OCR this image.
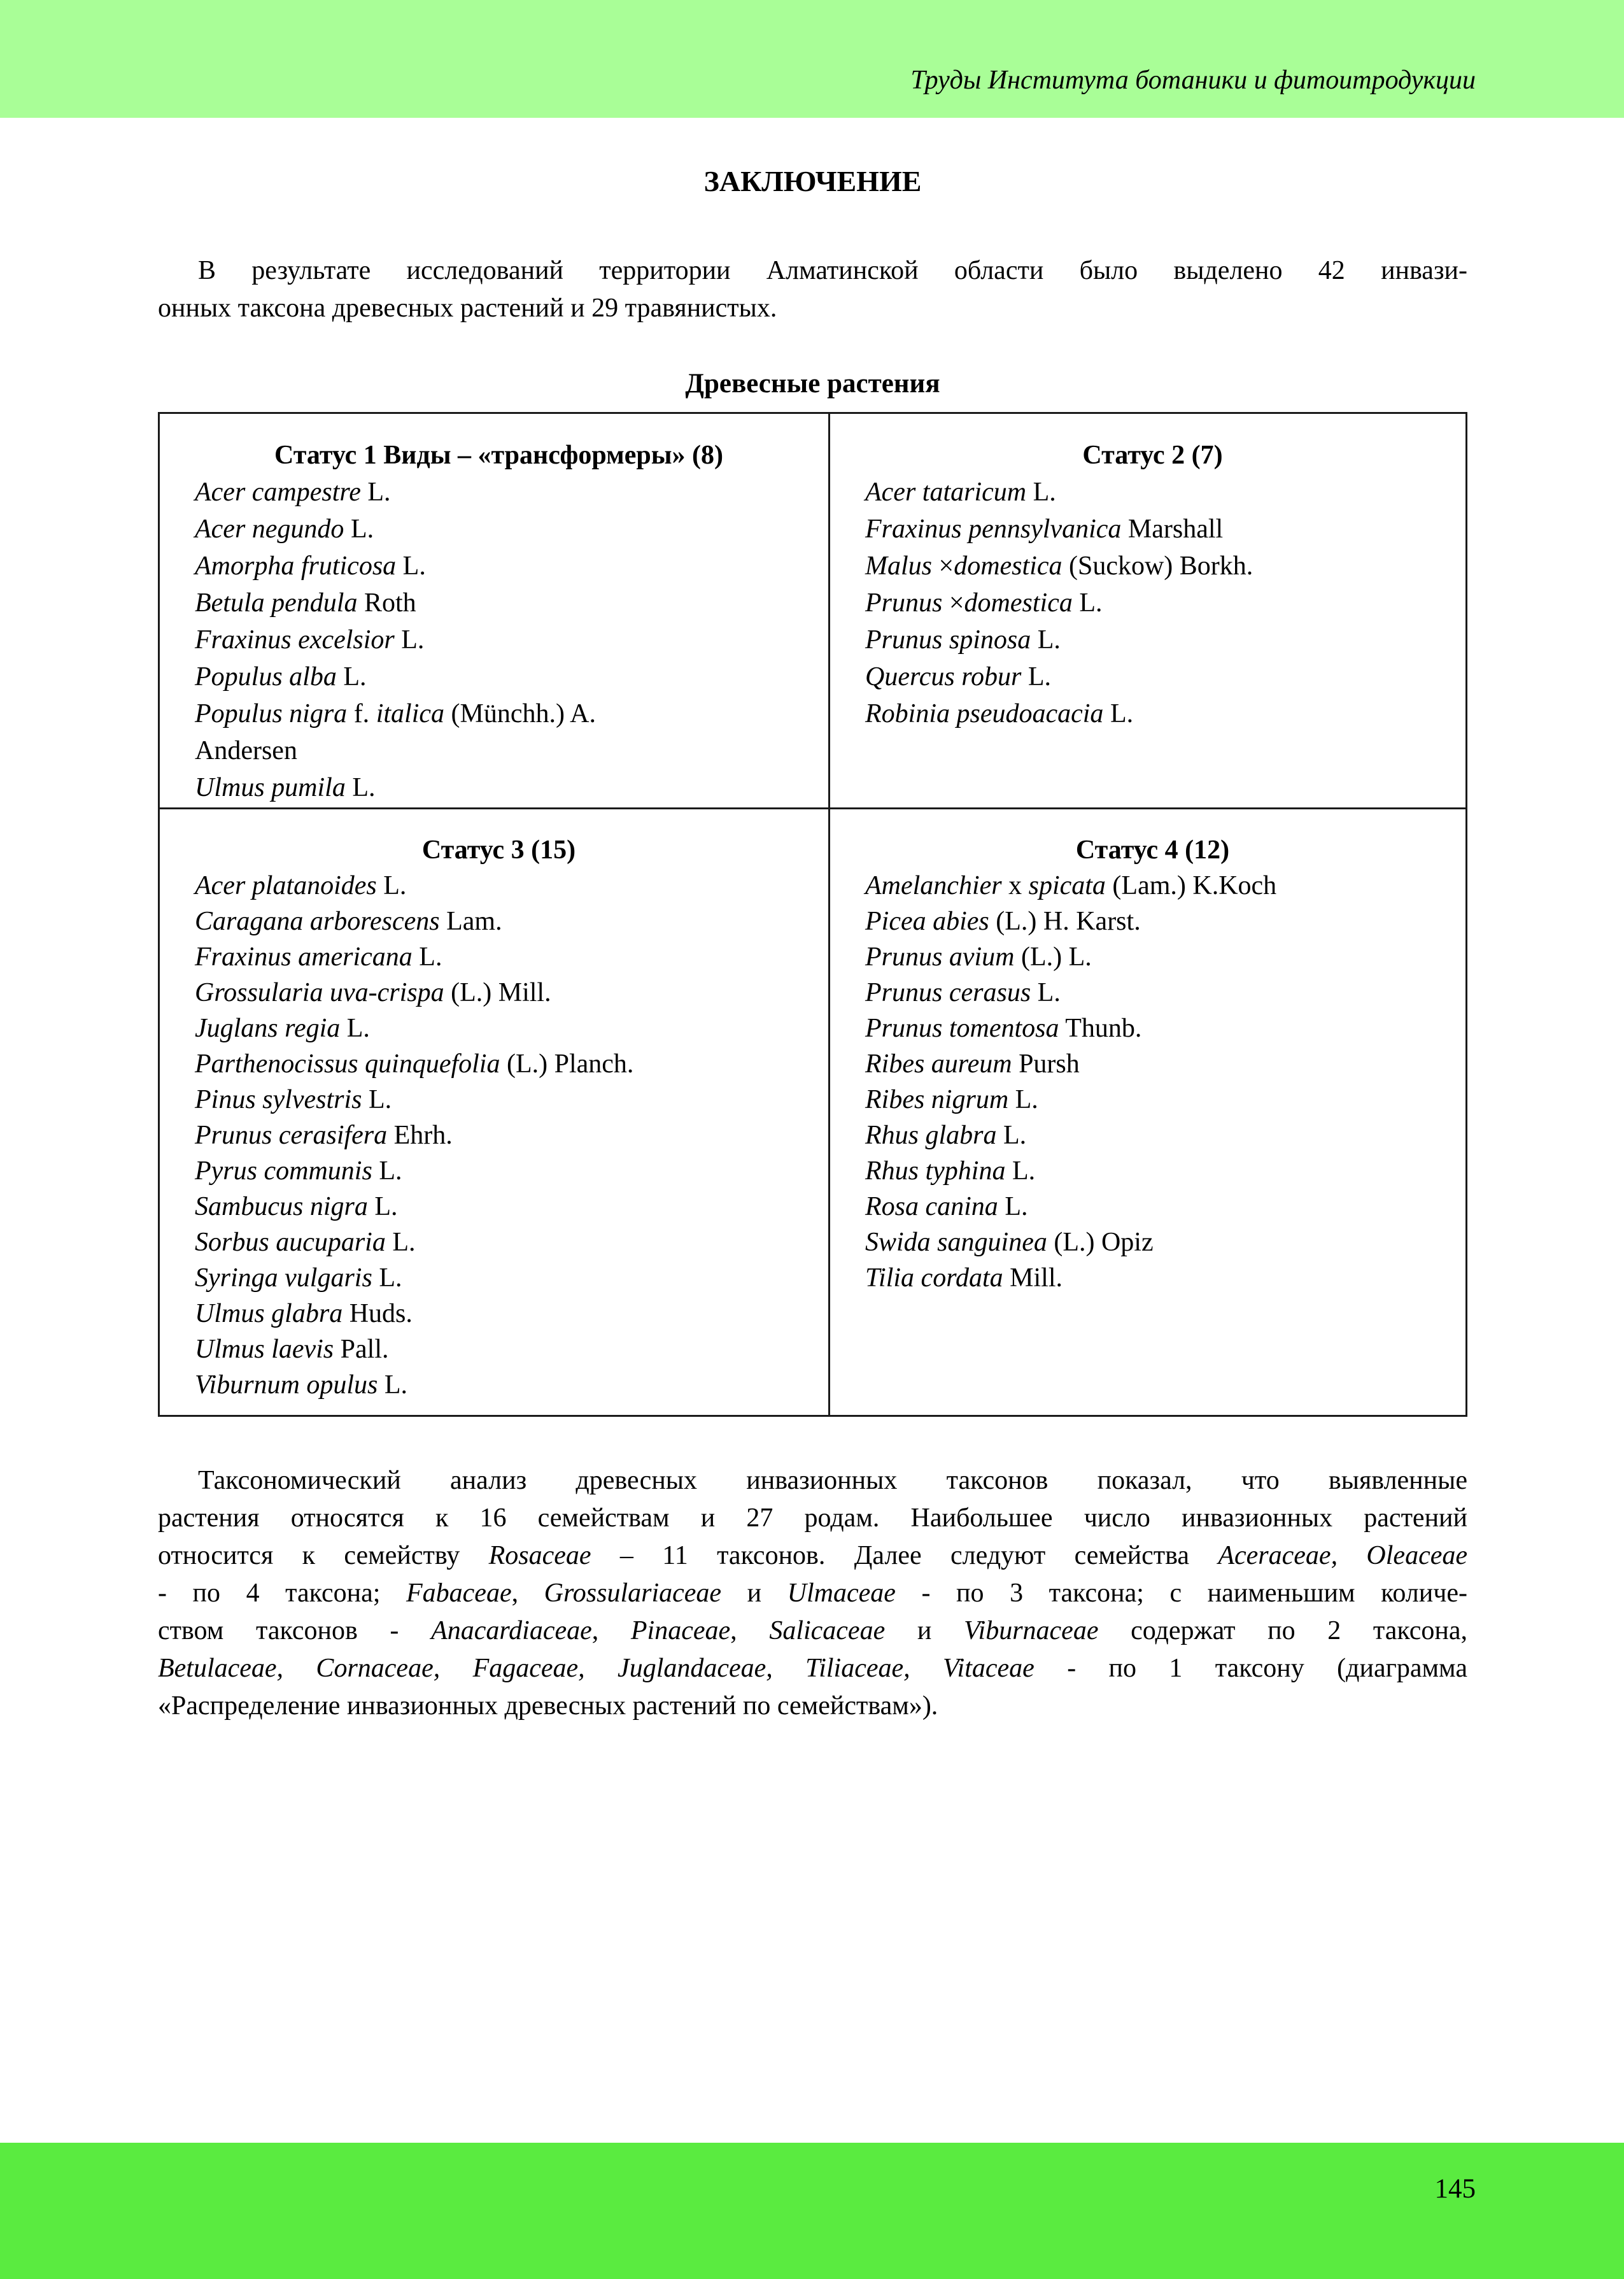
Труды Института ботаники и фитоитродукции
ЗАКЛЮЧЕНИЕ
В результате исследований территории Алматинской области было выделено 42 инвази-
онных таксона древесных растений и 29 травянистых.
Древесные растения
Статус 1 Виды – «трансформеры» (8)
Acer campestre L.
Acer negundo L.
Amorpha fruticosa L.
Betula pendula Roth
Fraxinus excelsior L.
Populus alba L.
Populus nigra f. italica (Münchh.) A.
Andersen
Ulmus pumila L.
Статус 2 (7)
Acer tataricum L.
Fraxinus pennsylvanica Marshall
Malus ×domestica (Suckow) Borkh.
Prunus ×domestica L.
Prunus spinosa L.
Quercus robur L.
Robinia pseudoacacia L.
Статус 3 (15)
Acer platanoides L.
Caragana arborescens Lam.
Fraxinus americana L.
Grossularia uva-crispa (L.) Mill.
Juglans regia L.
Parthenocissus quinquefolia (L.) Planch.
Pinus sylvestris L.
Prunus cerasifera Ehrh.
Pyrus communis L.
Sambucus nigra L.
Sorbus aucuparia L.
Syringa vulgaris L.
Ulmus glabra Huds.
Ulmus laevis Pall.
Viburnum opulus L.
Статус 4 (12)
Amelanchier x spicata (Lam.) K.Koch
Picea abies (L.) H. Karst.
Prunus avium (L.) L.
Prunus cerasus L.
Prunus tomentosa Thunb.
Ribes aureum Pursh
Ribes nigrum L.
Rhus glabra L.
Rhus typhina L.
Rosa canina L.
Swida sanguinea (L.) Opiz
Tilia cordata Mill.
Таксономический анализ древесных инвазионных таксонов показал, что выявленные
растения относятся к 16 семействам и 27 родам. Наибольшее число инвазионных растений
относится к семейству Rosaceae – 11 таксонов. Далее следуют семейства Aceraceae, Oleaceae
- по 4 таксона; Fabaceae, Grossulariaceae и Ulmaceae - по 3 таксона; с наименьшим количе-
ством таксонов - Anacardiaceae, Pinaceae, Salicaceae и Viburnaceae содержат по 2 таксона,
Betulaceae, Cornaceae, Fagaceae, Juglandaceae, Tiliaceae, Vitaceae - по 1 таксону (диаграмма
«Распределение инвазионных древесных растений по семействам»).
145
